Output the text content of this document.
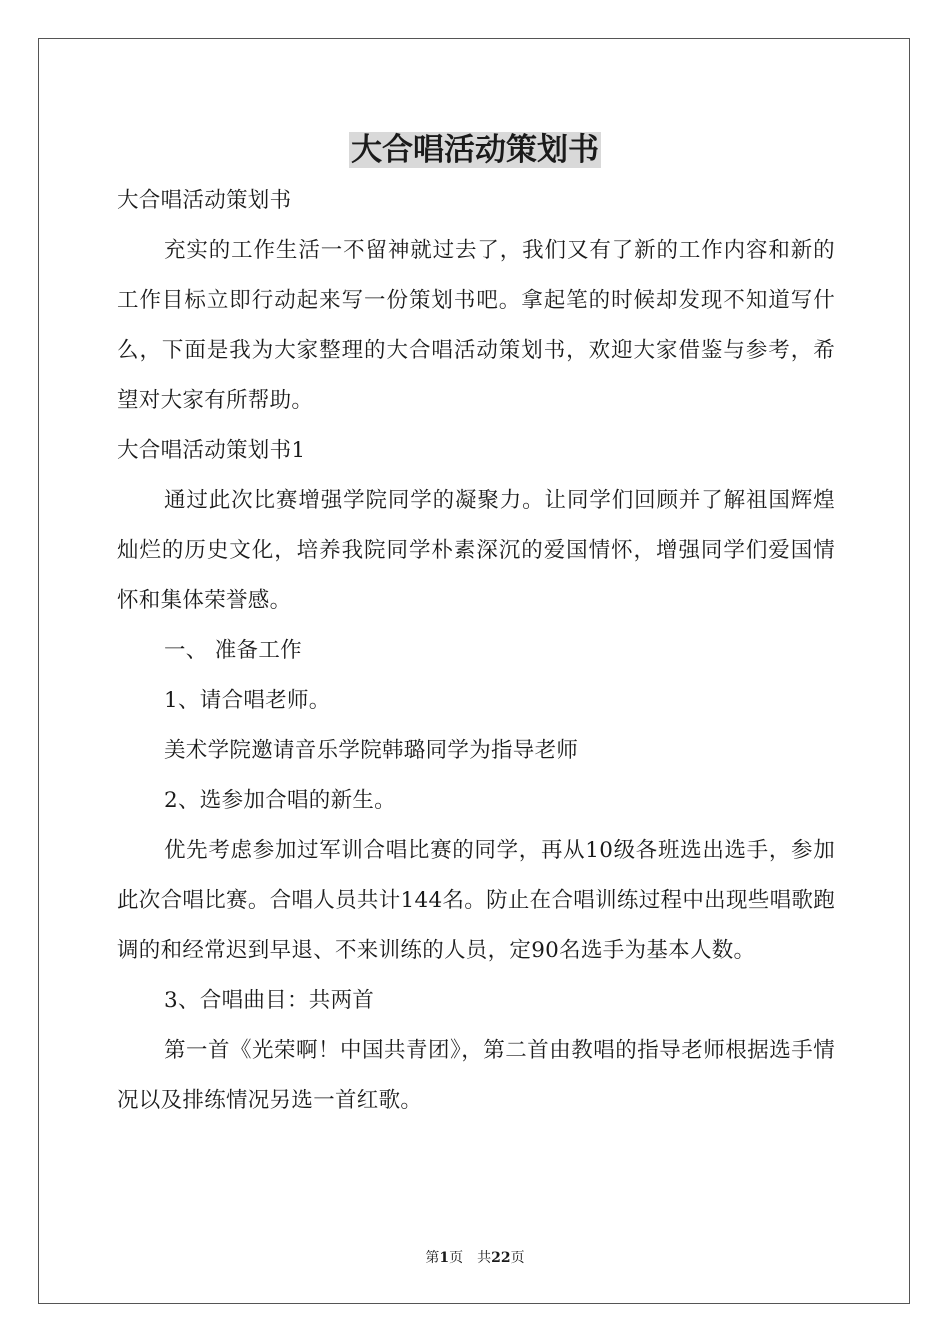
大合唱活动策划书

大合唱活动策划书

充实的工作生活一不留神就过去了，我们又有了新的工作内容和新的工作目标立即行动起来写一份策划书吧。拿起笔的时候却发现不知道写什么，下面是我为大家整理的大合唱活动策划书，欢迎大家借鉴与参考，希望对大家有所帮助。

大合唱活动策划书1

通过此次比赛增强学院同学的凝聚力。让同学们回顾并了解祖国辉煌灿烂的历史文化，培养我院同学朴素深沉的爱国情怀，增强同学们爱国情怀和集体荣誉感。

一、 准备工作

1、请合唱老师。

美术学院邀请音乐学院韩璐同学为指导老师

2、选参加合唱的新生。

优先考虑参加过军训合唱比赛的同学，再从10级各班选出选手，参加此次合唱比赛。合唱人员共计144名。防止在合唱训练过程中出现些唱歌跑调的和经常迟到早退、不来训练的人员，定90名选手为基本人数。

3、合唱曲目：共两首

第一首《光荣啊！中国共青团》，第二首由教唱的指导老师根据选手情况以及排练情况另选一首红歌。

第1页　共22页
